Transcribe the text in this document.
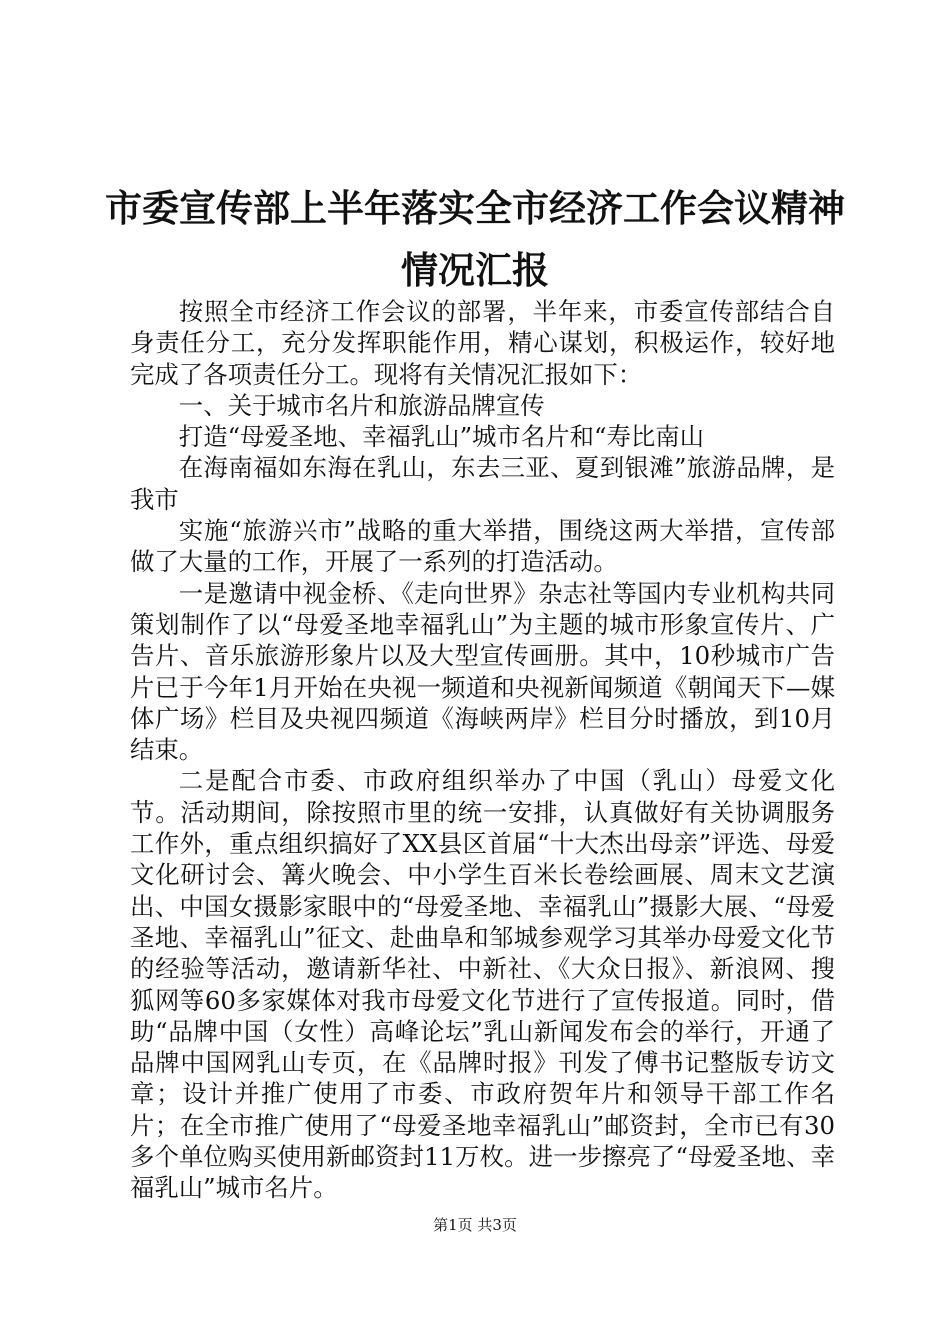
市委宣传部上半年落实全市经济工作会议精神
情况汇报

按照全市经济工作会议的部署，半年来，市委宣传部结合自身责任分工，充分发挥职能作用，精心谋划，积极运作，较好地完成了各项责任分工。现将有关情况汇报如下：

一、关于城市名片和旅游品牌宣传

打造“母爱圣地、幸福乳山”城市名片和“寿比南山

在海南福如东海在乳山，东去三亚、夏到银滩”旅游品牌，是我市

实施“旅游兴市”战略的重大举措，围绕这两大举措，宣传部做了大量的工作，开展了一系列的打造活动。

一是邀请中视金桥、《走向世界》杂志社等国内专业机构共同策划制作了以“母爱圣地幸福乳山”为主题的城市形象宣传片、广告片、音乐旅游形象片以及大型宣传画册。其中，10秒城市广告片已于今年1月开始在央视一频道和央视新闻频道《朝闻天下—媒体广场》栏目及央视四频道《海峡两岸》栏目分时播放，到10月结束。

二是配合市委、市政府组织举办了中国（乳山）母爱文化节。活动期间，除按照市里的统一安排，认真做好有关协调服务工作外，重点组织搞好了XX县区首届“十大杰出母亲”评选、母爱文化研讨会、篝火晚会、中小学生百米长卷绘画展、周末文艺演出、中国女摄影家眼中的“母爱圣地、幸福乳山”摄影大展、“母爱圣地、幸福乳山”征文、赴曲阜和邹城参观学习其举办母爱文化节的经验等活动，邀请新华社、中新社、《大众日报》、新浪网、搜狐网等60多家媒体对我市母爱文化节进行了宣传报道。同时，借助“品牌中国（女性）高峰论坛”乳山新闻发布会的举行，开通了品牌中国网乳山专页，在《品牌时报》刊发了傅书记整版专访文章；设计并推广使用了市委、市政府贺年片和领导干部工作名片；在全市推广使用了“母爱圣地幸福乳山”邮资封，全市已有30多个单位购买使用新邮资封11万枚。进一步擦亮了“母爱圣地、幸福乳山”城市名片。

第1页 共3页
